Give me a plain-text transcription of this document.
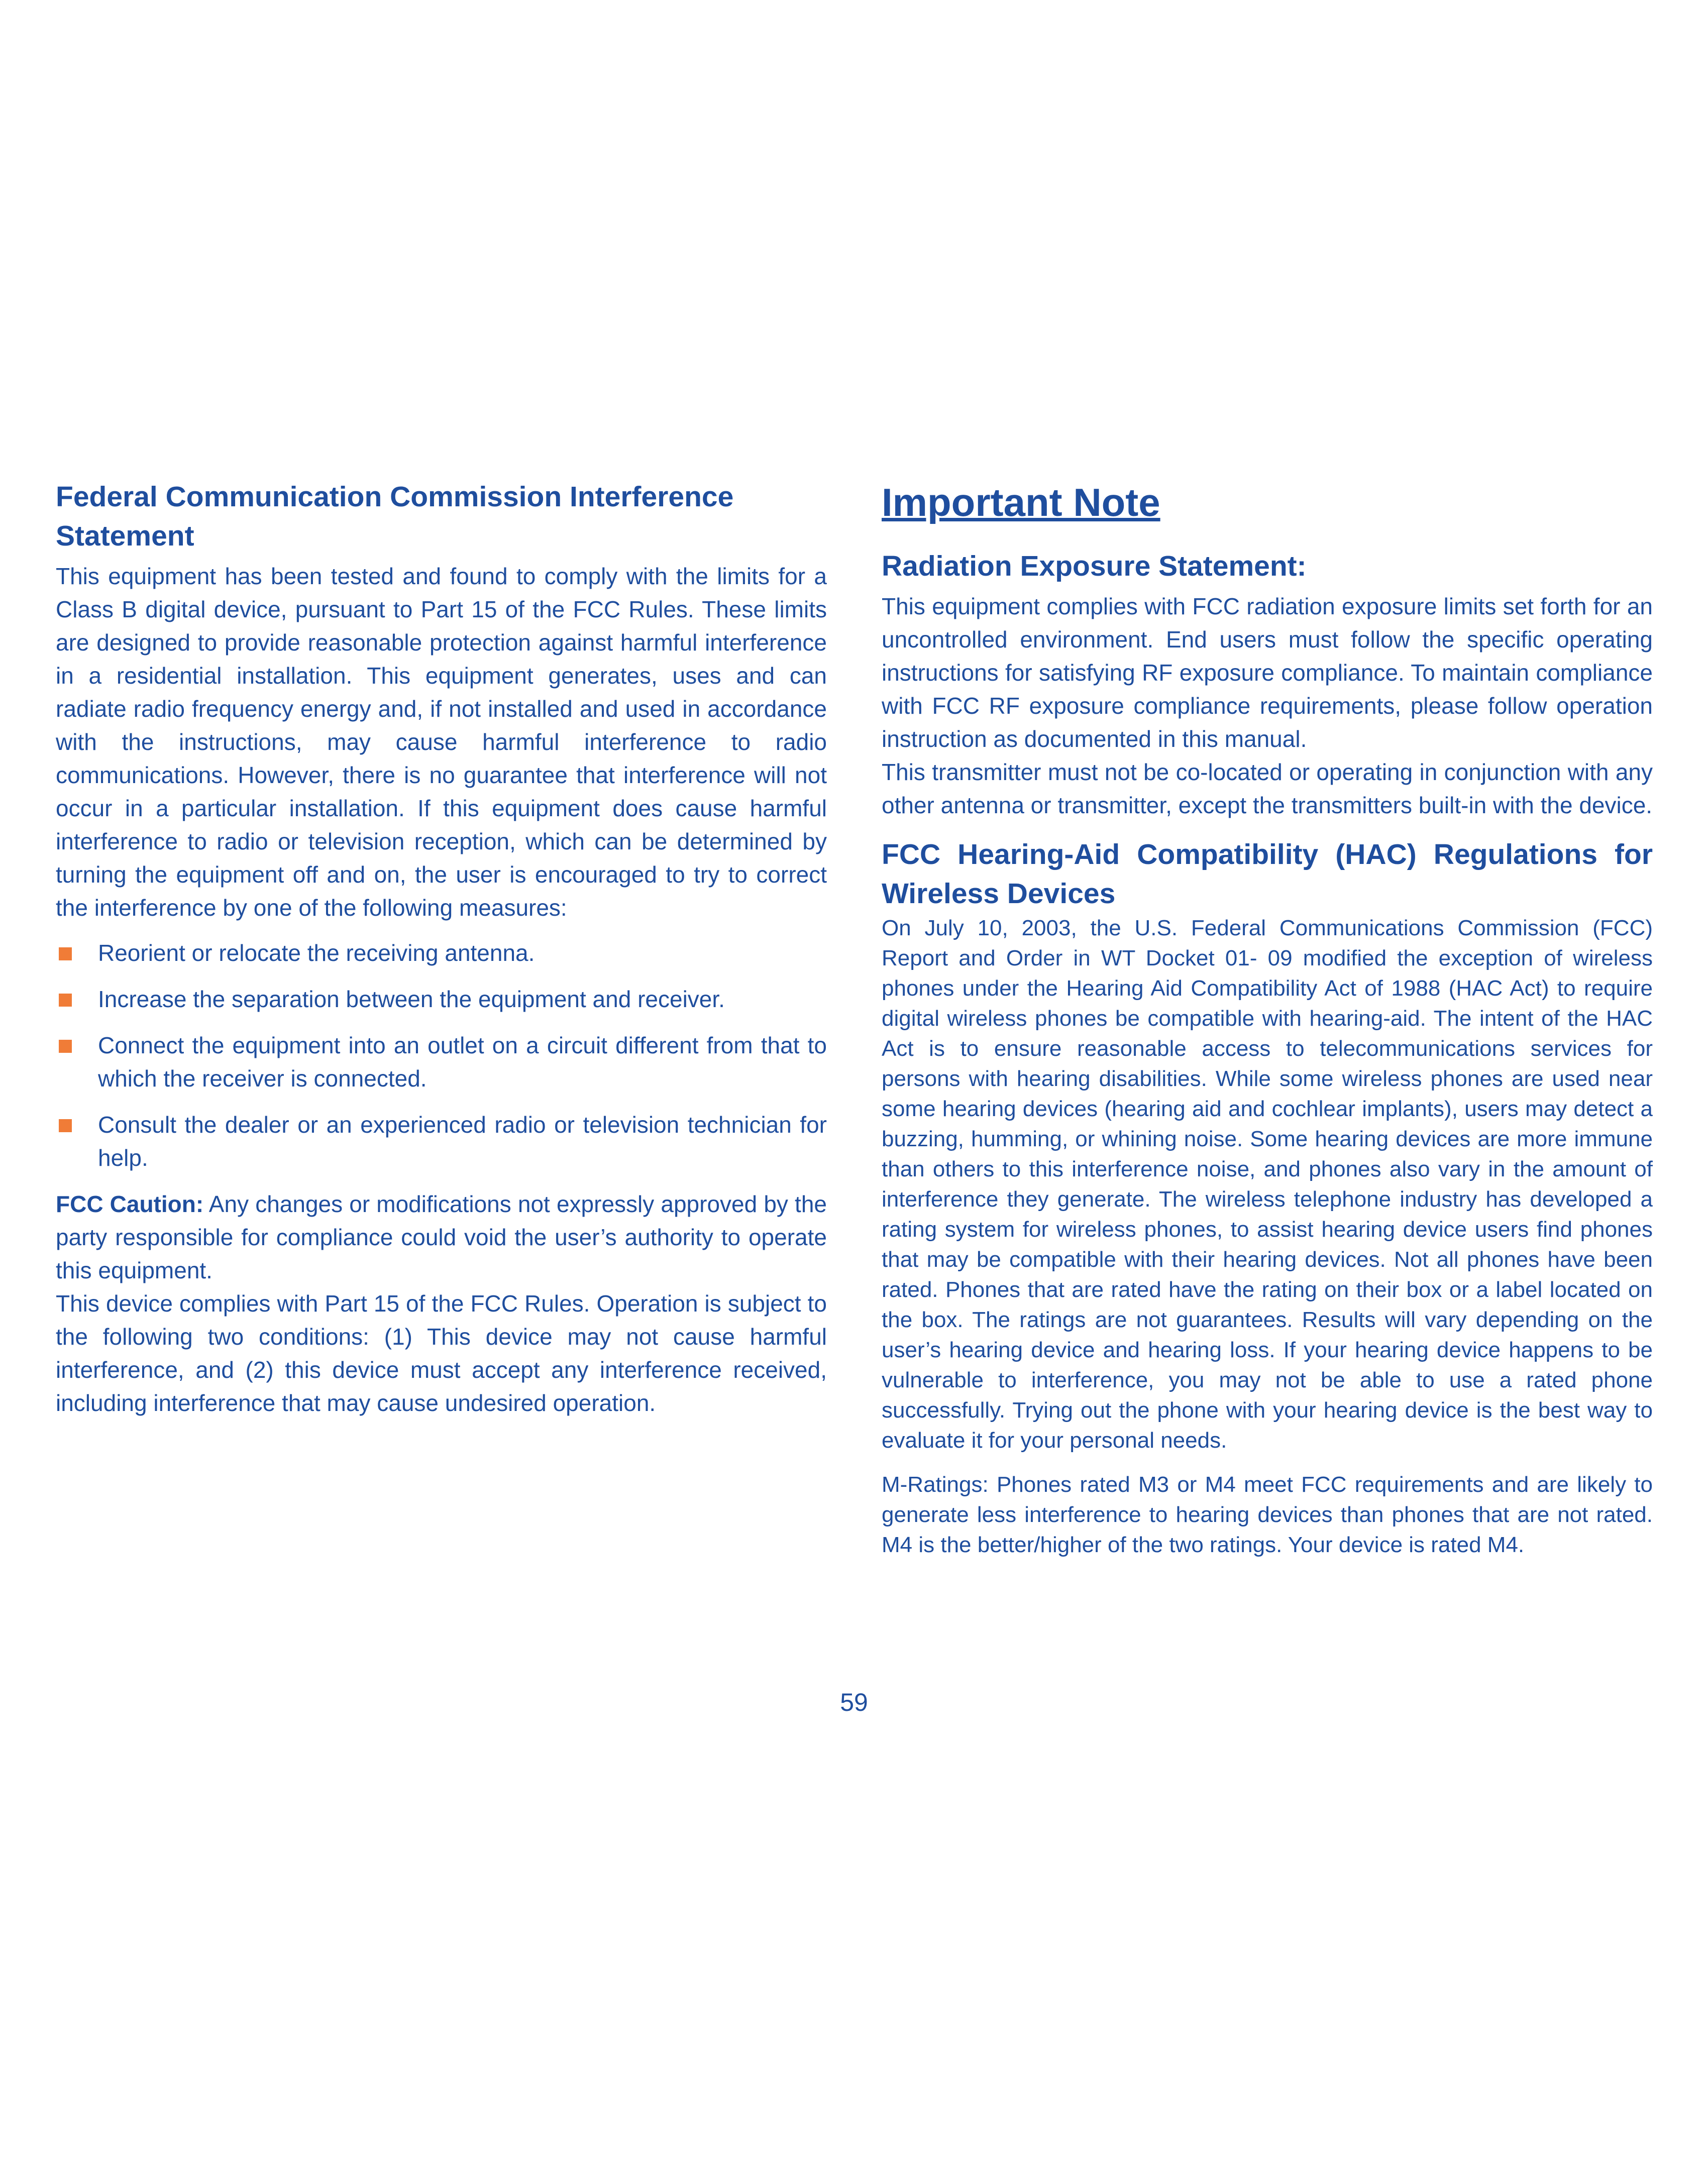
Federal Communication Commission Interference Statement

This equipment has been tested and found to comply with the limits for a Class B digital device, pursuant to Part 15 of the FCC Rules. These limits are designed to provide reasonable protection against harmful interference in a residential installation. This equipment generates, uses and can radiate radio frequency energy and, if not installed and used in accordance with the instructions, may cause harmful interference to radio communications. However, there is no guarantee that interference will not occur in a particular installation. If this equipment does cause harmful interference to radio or television reception, which can be determined by turning the equipment off and on, the user is encouraged to try to correct the interference by one of the following measures:

Reorient or relocate the receiving antenna.
Increase the separation between the equipment and receiver.
Connect the equipment into an outlet on a circuit different from that to which the receiver is connected.
Consult the dealer or an experienced radio or television technician for help.

FCC Caution: Any changes or modifications not expressly approved by the party responsible for compliance could void the user’s authority to operate this equipment.

This device complies with Part 15 of the FCC Rules. Operation is subject to the following two conditions: (1) This device may not cause harmful interference, and (2) this device must accept any interference received, including interference that may cause undesired operation.

Important Note
Radiation Exposure Statement:

This equipment complies with FCC radiation exposure limits set forth for an uncontrolled environment. End users must follow the specific operating instructions for satisfying RF exposure compliance. To maintain compliance with FCC RF exposure compliance requirements, please follow operation instruction as documented in this manual.

This transmitter must not be co-located or operating in conjunction with any other antenna or transmitter, except the transmitters built-in with the device.

FCC Hearing-Aid Compatibility (HAC) Regulations for Wireless Devices

On July 10, 2003, the U.S. Federal Communications Commission (FCC) Report and Order in WT Docket 01- 09 modified the exception of wireless phones under the Hearing Aid Compatibility Act of 1988 (HAC Act) to require digital wireless phones be compatible with hearing-aid. The intent of the HAC Act is to ensure reasonable access to telecommunications services for persons with hearing disabilities. While some wireless phones are used near some hearing devices (hearing aid and cochlear implants), users may detect a buzzing, humming, or whining noise. Some hearing devices are more immune than others to this interference noise, and phones also vary in the amount of interference they generate. The wireless telephone industry has developed a rating system for wireless phones, to assist hearing device users find phones that may be compatible with their hearing devices. Not all phones have been rated. Phones that are rated have the rating on their box or a label located on the box. The ratings are not guarantees. Results will vary depending on the user’s hearing device and hearing loss. If your hearing device happens to be vulnerable to interference, you may not be able to use a rated phone successfully. Trying out the phone with your hearing device is the best way to evaluate it for your personal needs.

M-Ratings: Phones rated M3 or M4 meet FCC requirements and are likely to generate less interference to hearing devices than phones that are not rated. M4 is the better/higher of the two ratings. Your device is rated M4.

59
